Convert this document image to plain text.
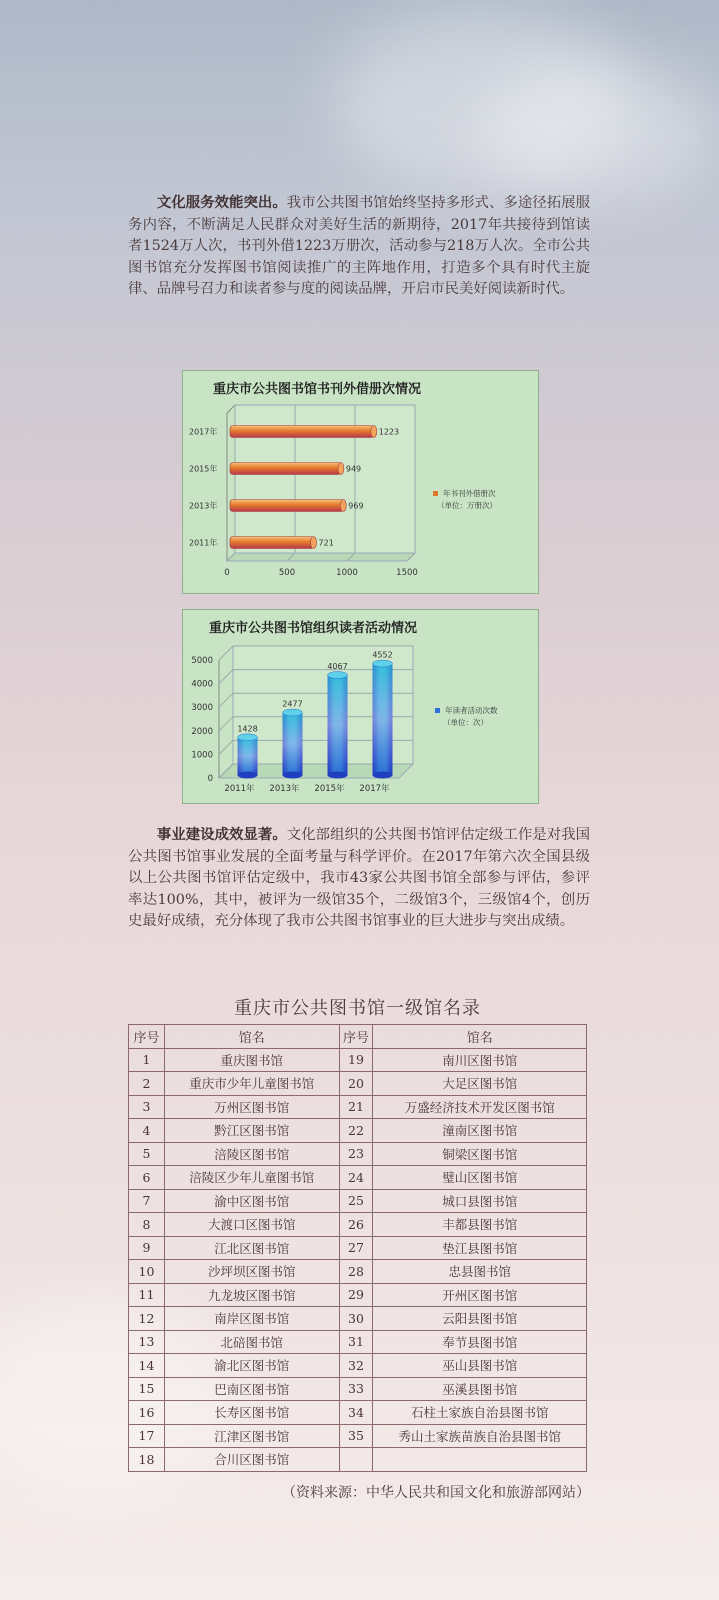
  文化服务效能突出。我市公共图书馆始终坚持多形式、多途径拓展服务内容，不断满足人民群众对美好生活的新期待，2017年共接待到馆读者1524万人次，书刊外借1223万册次，活动参与218万人次。全市公共图书馆充分发挥图书馆阅读推广的主阵地作用，打造多个具有时代主旋律、品牌号召力和读者参与度的阅读品牌，开启市民美好阅读新时代。
重庆市公共图书馆书刊外借册次情况
0	500	1000	1500
2011年	721
2013年	969
2015年	949
2017年	1223
年书刊外借册次
（单位：万册次）
重庆市公共图书馆组织读者活动情况
0
1000
2000
3000
4000
5000
1428
2011年
2477
2013年
4067
2015年
4552
2017年
年读者活动次数
（单位：次）
  事业建设成效显著。文化部组织的公共图书馆评估定级工作是对我国公共图书馆事业发展的全面考量与科学评价。在2017年第六次全国县级以上公共图书馆评估定级中，我市43家公共图书馆全部参与评估，参评率达100%，其中，被评为一级馆35个，二级馆3个，三级馆4个，创历史最好成绩，充分体现了我市公共图书馆事业的巨大进步与突出成绩。
重庆市公共图书馆一级馆名录
序号	馆名	序号	馆名
1	重庆图书馆	19	南川区图书馆
2	重庆市少年儿童图书馆	20	大足区图书馆
3	万州区图书馆	21	万盛经济技术开发区图书馆
4	黔江区图书馆	22	潼南区图书馆
5	涪陵区图书馆	23	铜梁区图书馆
6	涪陵区少年儿童图书馆	24	璧山区图书馆
7	渝中区图书馆	25	城口县图书馆
8	大渡口区图书馆	26	丰都县图书馆
9	江北区图书馆	27	垫江县图书馆
10	沙坪坝区图书馆	28	忠县图书馆
11	九龙坡区图书馆	29	开州区图书馆
12	南岸区图书馆	30	云阳县图书馆
13	北碚图书馆	31	奉节县图书馆
14	渝北区图书馆	32	巫山县图书馆
15	巴南区图书馆	33	巫溪县图书馆
16	长寿区图书馆	34	石柱土家族自治县图书馆
17	江津区图书馆	35	秀山土家族苗族自治县图书馆
18	合川区图书馆		
（资料来源：中华人民共和国文化和旅游部网站）
